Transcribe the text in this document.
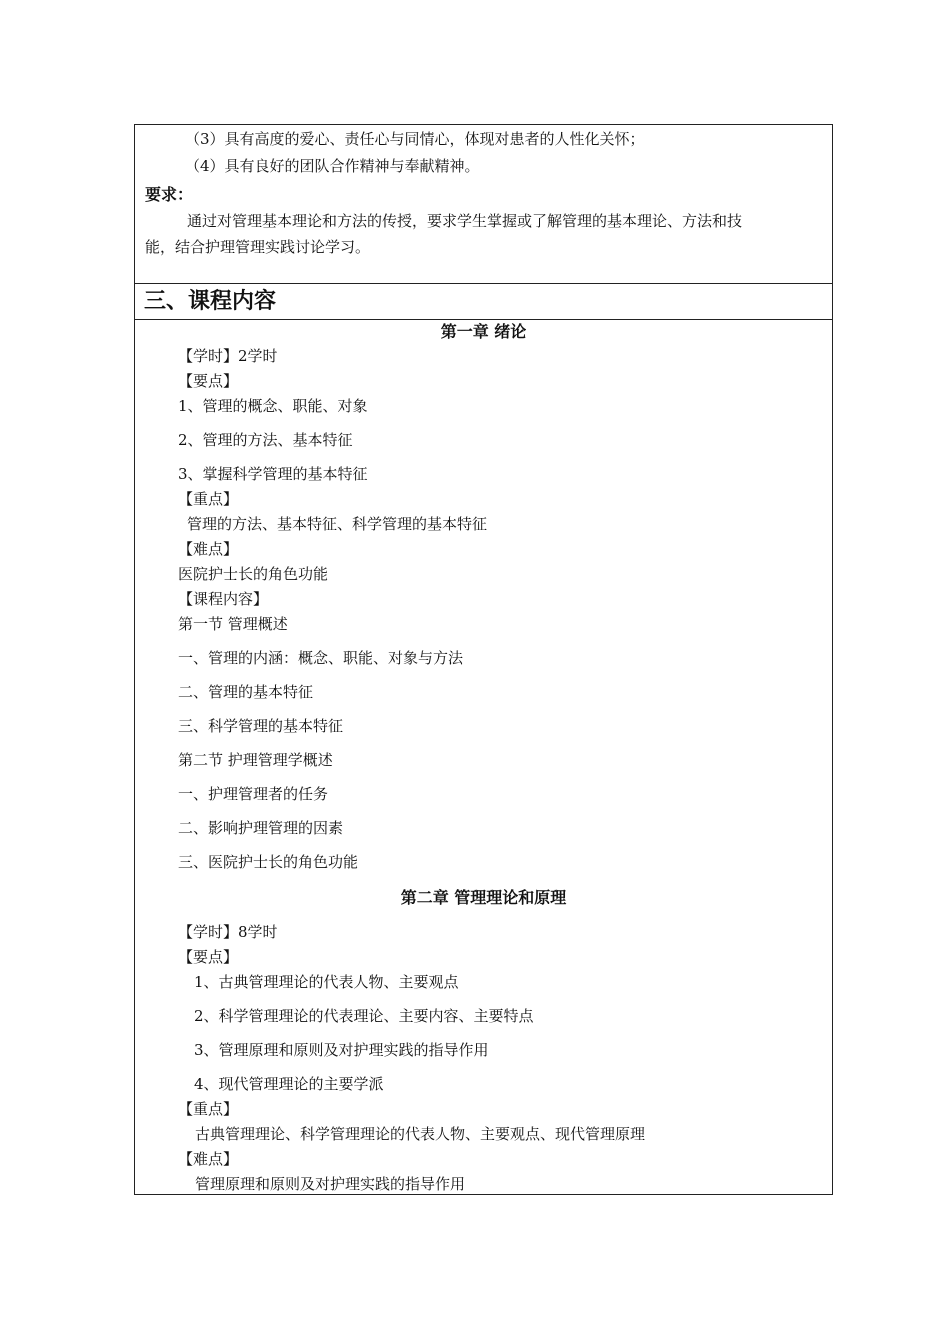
（3）具有高度的爱心、责任心与同情心，体现对患者的人性化关怀；
（4）具有良好的团队合作精神与奉献精神。
要求：
通过对管理基本理论和方法的传授，要求学生掌握或了解管理的基本理论、方法和技
能，结合护理管理实践讨论学习。
三、课程内容
第一章 绪论
【学时】2学时
【要点】
1、管理的概念、职能、对象
2、管理的方法、基本特征
3、掌握科学管理的基本特征
【重点】
管理的方法、基本特征、科学管理的基本特征
【难点】
医院护士长的角色功能
【课程内容】
第一节 管理概述
一、管理的内涵：概念、职能、对象与方法
二、管理的基本特征
三、科学管理的基本特征
第二节 护理管理学概述
一、护理管理者的任务
二、影响护理管理的因素
三、医院护士长的角色功能
第二章 管理理论和原理
【学时】8学时
【要点】
1、古典管理理论的代表人物、主要观点
2、科学管理理论的代表理论、主要内容、主要特点
3、管理原理和原则及对护理实践的指导作用
4、现代管理理论的主要学派
【重点】
古典管理理论、科学管理理论的代表人物、主要观点、现代管理原理
【难点】
管理原理和原则及对护理实践的指导作用
